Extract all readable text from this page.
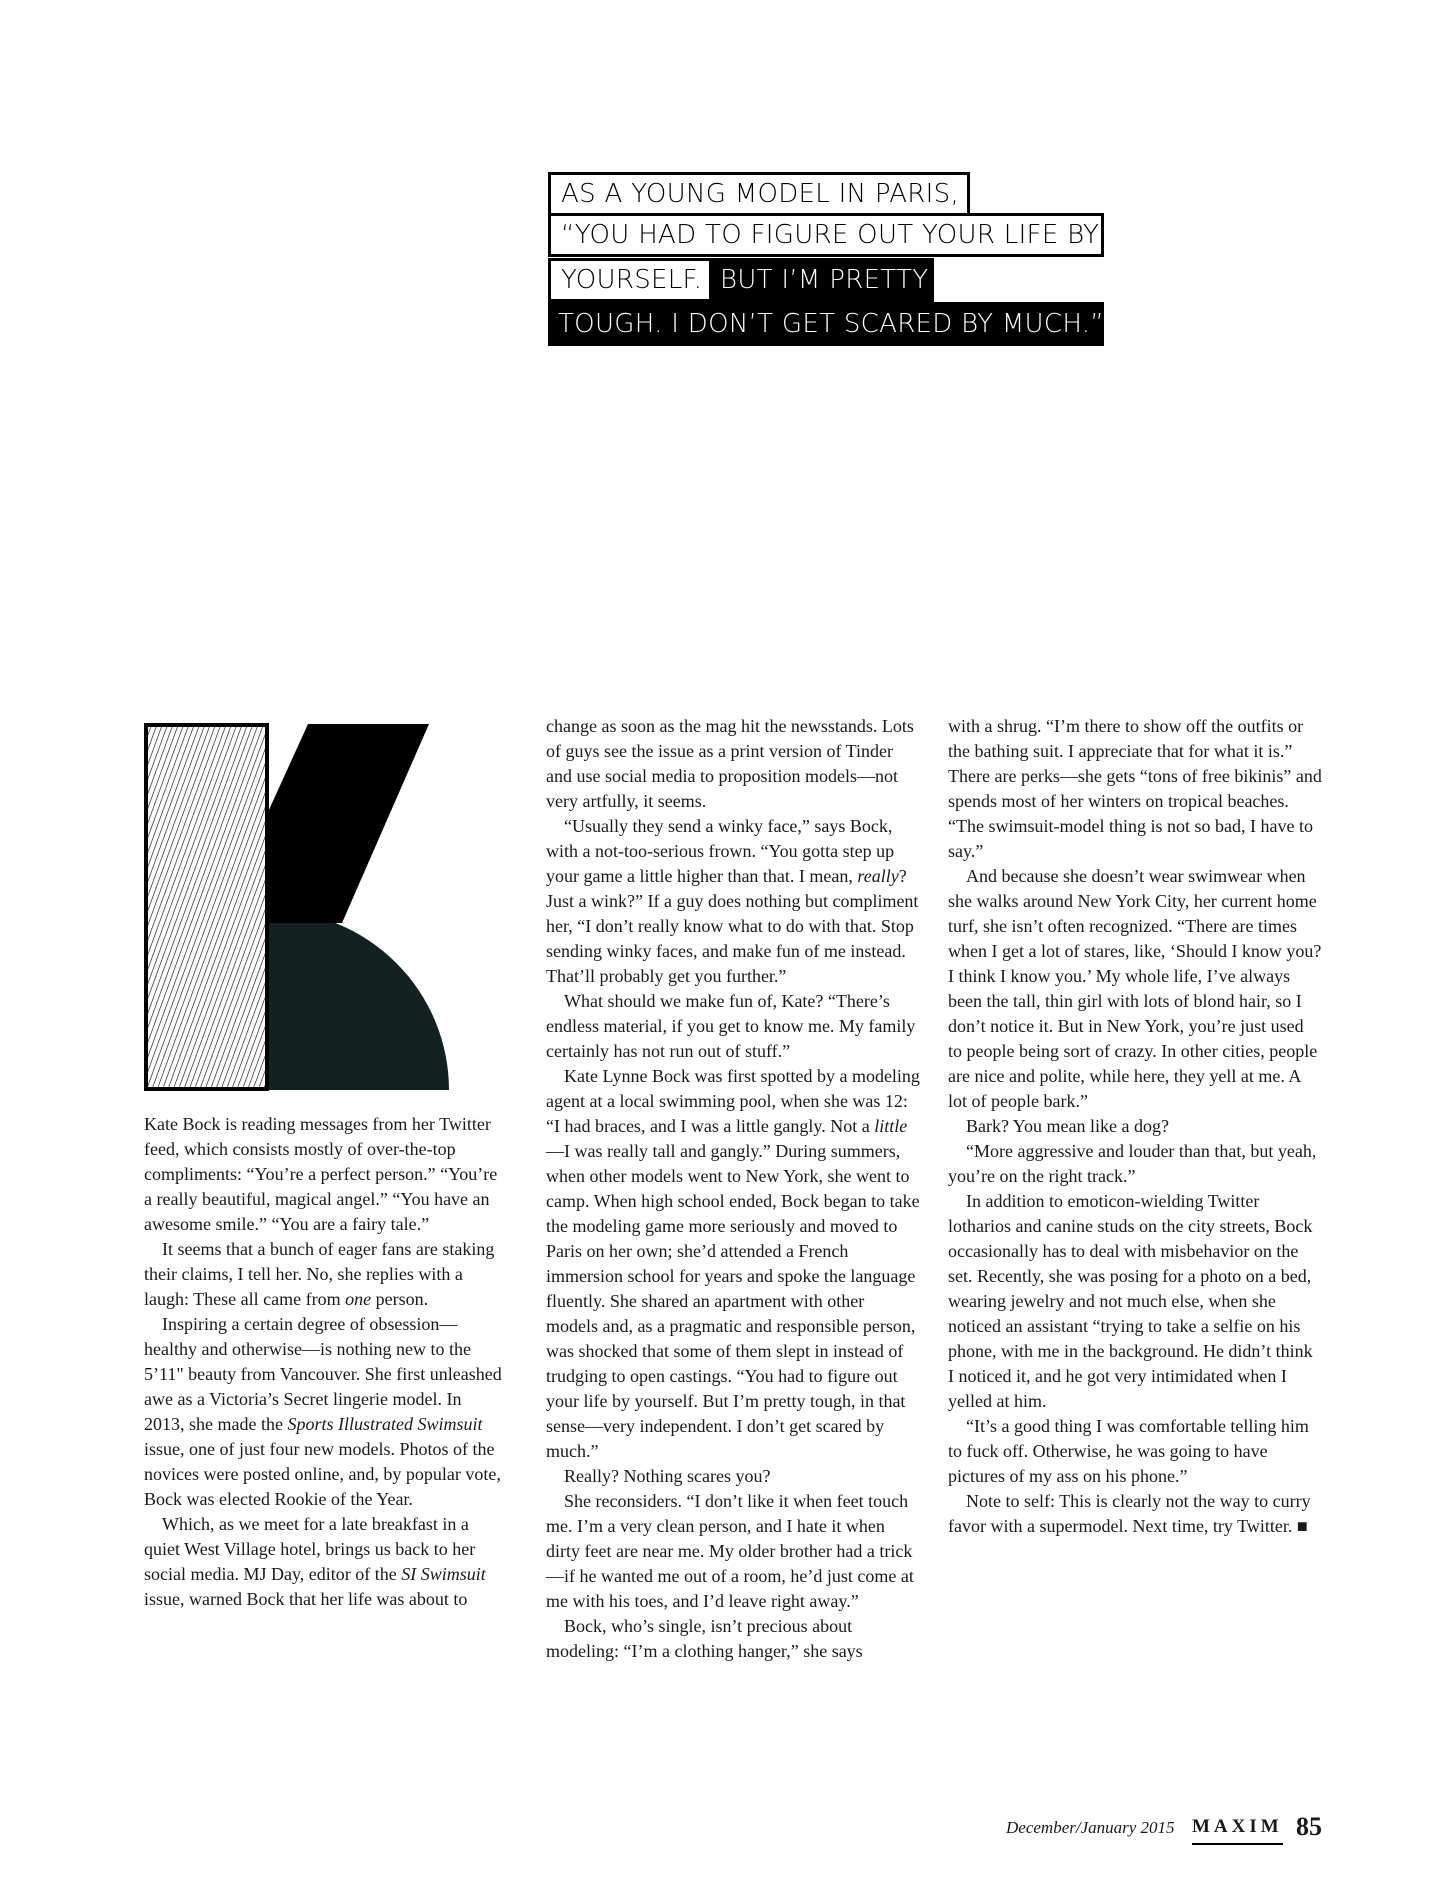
AS A YOUNG MODEL IN PARIS,
“YOU HAD TO FIGURE OUT YOUR LIFE BY
YOURSELF. BUT I’M PRETTY
TOUGH. I DON’T GET SCARED BY MUCH.”

Kate Bock is reading messages from her Twitter feed, which consists mostly of over-the-top compliments: “You’re a perfect person.” “You’re a really beautiful, magical angel.” “You have an awesome smile.” “You are a fairy tale.”

It seems that a bunch of eager fans are staking their claims, I tell her. No, she replies with a laugh: These all came from one person.

Inspiring a certain degree of obsession—healthy and otherwise—is nothing new to the 5’11" beauty from Vancouver. She first unleashed awe as a Victoria’s Secret lingerie model. In 2013, she made the Sports Illustrated Swimsuit issue, one of just four new models. Photos of the novices were posted online, and, by popular vote, Bock was elected Rookie of the Year.

Which, as we meet for a late breakfast in a quiet West Village hotel, brings us back to her social media. MJ Day, editor of the SI Swimsuit issue, warned Bock that her life was about to

change as soon as the mag hit the newsstands. Lots of guys see the issue as a print version of Tinder and use social media to proposition models—not very artfully, it seems.

“Usually they send a winky face,” says Bock, with a not-too-serious frown. “You gotta step up your game a little higher than that. I mean, really? Just a wink?” If a guy does nothing but compliment her, “I don’t really know what to do with that. Stop sending winky faces, and make fun of me instead. That’ll probably get you further.”

What should we make fun of, Kate? “There’s endless material, if you get to know me. My family certainly has not run out of stuff.”

Kate Lynne Bock was first spotted by a modeling agent at a local swimming pool, when she was 12: “I had braces, and I was a little gangly. Not a little—I was really tall and gangly.” During summers, when other models went to New York, she went to camp. When high school ended, Bock began to take the modeling game more seriously and moved to Paris on her own; she’d attended a French immersion school for years and spoke the language fluently. She shared an apartment with other models and, as a pragmatic and responsible person, was shocked that some of them slept in instead of trudging to open castings. “You had to figure out your life by yourself. But I’m pretty tough, in that sense—very independent. I don’t get scared by much.”

Really? Nothing scares you?

She reconsiders. “I don’t like it when feet touch me. I’m a very clean person, and I hate it when dirty feet are near me. My older brother had a trick—if he wanted me out of a room, he’d just come at me with his toes, and I’d leave right away.”

Bock, who’s single, isn’t precious about modeling: “I’m a clothing hanger,” she says

with a shrug. “I’m there to show off the outfits or the bathing suit. I appreciate that for what it is.” There are perks—she gets “tons of free bikinis” and spends most of her winters on tropical beaches. “The swimsuit-model thing is not so bad, I have to say.”

And because she doesn’t wear swimwear when she walks around New York City, her current home turf, she isn’t often recognized. “There are times when I get a lot of stares, like, ‘Should I know you? I think I know you.’ My whole life, I’ve always been the tall, thin girl with lots of blond hair, so I don’t notice it. But in New York, you’re just used to people being sort of crazy. In other cities, people are nice and polite, while here, they yell at me. A lot of people bark.”

Bark? You mean like a dog?

“More aggressive and louder than that, but yeah, you’re on the right track.”

In addition to emoticon-wielding Twitter lotharios and canine studs on the city streets, Bock occasionally has to deal with misbehavior on the set. Recently, she was posing for a photo on a bed, wearing jewelry and not much else, when she noticed an assistant “trying to take a selfie on his phone, with me in the background. He didn’t think I noticed it, and he got very intimidated when I yelled at him.

“It’s a good thing I was comfortable telling him to fuck off. Otherwise, he was going to have pictures of my ass on his phone.”

Note to self: This is clearly not the way to curry favor with a supermodel. Next time, try Twitter. ■

December/January 2015 MAXIM 85
